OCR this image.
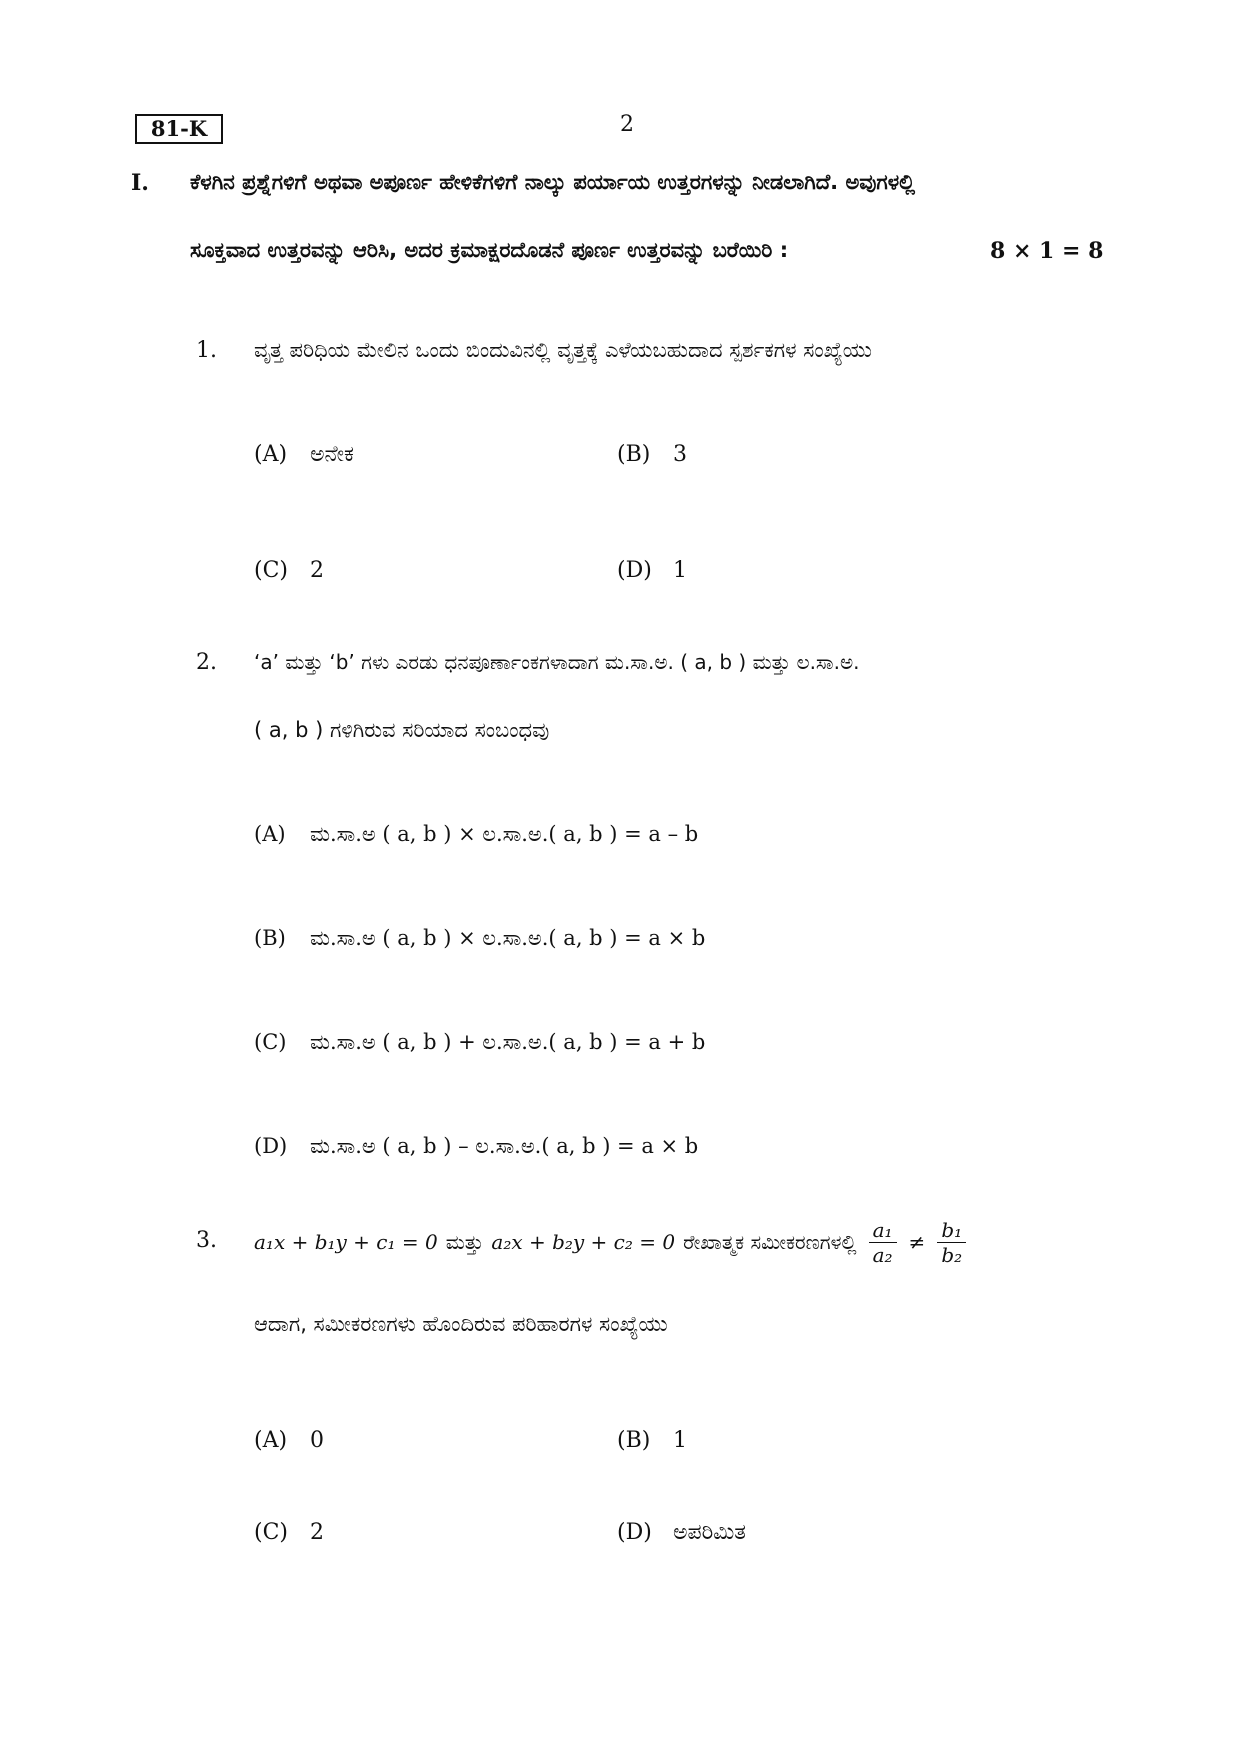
81-K	2
I. ಕೆಳಗಿನ ಪ್ರಶ್ನೆಗಳಿಗೆ ಅಥವಾ ಅಪೂರ್ಣ ಹೇಳಿಕೆಗಳಿಗೆ ನಾಲ್ಕು ಪರ್ಯಾಯ ಉತ್ತರಗಳನ್ನು ನೀಡಲಾಗಿದೆ. ಅವುಗಳಲ್ಲಿ
ಸೂಕ್ತವಾದ ಉತ್ತರವನ್ನು ಆರಿಸಿ, ಅದರ ಕ್ರಮಾಕ್ಷರದೊಡನೆ ಪೂರ್ಣ ಉತ್ತರವನ್ನು ಬರೆಯಿರಿ :	8 × 1 = 8
1. ವೃತ್ತ ಪರಿಧಿಯ ಮೇಲಿನ ಒಂದು ಬಿಂದುವಿನಲ್ಲಿ ವೃತ್ತಕ್ಕೆ ಎಳೆಯಬಹುದಾದ ಸ್ಪರ್ಶಕಗಳ ಸಂಖ್ಯೆಯು
(A) ಅನೇಕ	(B) 3
(C) 2	(D) 1
2. ‘a’ ಮತ್ತು ‘b’ ಗಳು ಎರಡು ಧನಪೂರ್ಣಾಂಕಗಳಾದಾಗ ಮ.ಸಾ.ಅ. ( a, b ) ಮತ್ತು ಲ.ಸಾ.ಅ.
( a, b ) ಗಳಿಗಿರುವ ಸರಿಯಾದ ಸಂಬಂಧವು
(A) ಮ.ಸಾ.ಅ ( a, b ) × ಲ.ಸಾ.ಅ.( a, b ) = a – b
(B) ಮ.ಸಾ.ಅ ( a, b ) × ಲ.ಸಾ.ಅ.( a, b ) = a × b
(C) ಮ.ಸಾ.ಅ ( a, b ) + ಲ.ಸಾ.ಅ.( a, b ) = a + b
(D) ಮ.ಸಾ.ಅ ( a, b ) – ಲ.ಸಾ.ಅ.( a, b ) = a × b
3. a₁x + b₁y + c₁ = 0 ಮತ್ತು a₂x + b₂y + c₂ = 0 ರೇಖಾತ್ಮಕ ಸಮೀಕರಣಗಳಲ್ಲಿ $\frac{\text{a₁}}{\text{a₂}} \ne \frac{\text{b₁}}{\text{b₂}}$
ಆದಾಗ, ಸಮೀಕರಣಗಳು ಹೊಂದಿರುವ ಪರಿಹಾರಗಳ ಸಂಖ್ಯೆಯು
(A) 0	(B) 1
(C) 2	(D) ಅಪರಿಮಿತ
